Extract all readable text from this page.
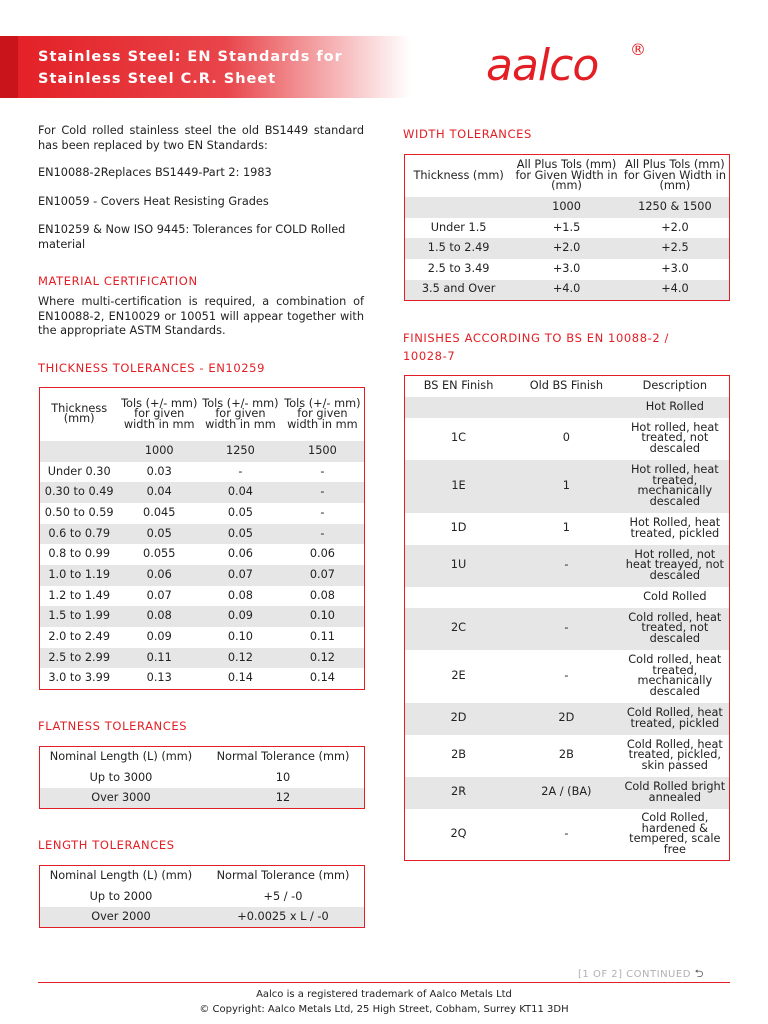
Stainless Steel: EN Standards for
Stainless Steel C.R. Sheet	aalco ®

For Cold rolled stainless steel the old BS1449 standard has been replaced by two EN Standards:

EN10088-2Replaces BS1449-Part 2: 1983

EN10059 - Covers Heat Resisting Grades

EN10259 & Now ISO 9445: Tolerances for COLD Rolled material

MATERIAL CERTIFICATION

Where multi-certification is required, a combination of EN10088-2, EN10029 or 10051 will appear together with the appropriate ASTM Standards.

THICKNESS TOLERANCES - EN10259
Thickness (mm)	Tols (+/- mm) for given width in mm	Tols (+/- mm) for given width in mm	Tols (+/- mm) for given width in mm
	1000	1250	1500
Under 0.30	0.03	-	-
0.30 to 0.49	0.04	0.04	-
0.50 to 0.59	0.045	0.05	-
0.6 to 0.79	0.05	0.05	-
0.8 to 0.99	0.055	0.06	0.06
1.0 to 1.19	0.06	0.07	0.07
1.2 to 1.49	0.07	0.08	0.08
1.5 to 1.99	0.08	0.09	0.10
2.0 to 2.49	0.09	0.10	0.11
2.5 to 2.99	0.11	0.12	0.12
3.0 to 3.99	0.13	0.14	0.14
FLATNESS TOLERANCES
Nominal Length (L) (mm)	Normal Tolerance (mm)
Up to 3000	10
Over 3000	12
LENGTH TOLERANCES
Nominal Length (L) (mm)	Normal Tolerance (mm)
Up to 2000	+5 / -0
Over 2000	+0.0025 x L / -0
WIDTH TOLERANCES
Thickness (mm)	All Plus Tols (mm) for Given Width in (mm)	All Plus Tols (mm) for Given Width in (mm)
	1000	1250 & 1500
Under 1.5	+1.5	+2.0
1.5 to 2.49	+2.0	+2.5
2.5 to 3.49	+3.0	+3.0
3.5 and Over	+4.0	+4.0
FINISHES ACCORDING TO BS EN 10088-2 /
10028-7
BS EN Finish	Old BS Finish	Description
		Hot Rolled
1C	0	Hot rolled, heat treated, not descaled
1E	1	Hot rolled, heat treated, mechanically descaled
1D	1	Hot Rolled, heat treated, pickled
1U	-	Hot rolled, not heat treayed, not descaled
		Cold Rolled
2C	-	Cold rolled, heat treated, not descaled
2E	-	Cold rolled, heat treated, mechanically descaled
2D	2D	Cold Rolled, heat treated, pickled
2B	2B	Cold Rolled, heat treated, pickled, skin passed
2R	2A / (BA)	Cold Rolled bright annealed
2Q	-	Cold Rolled, hardened & tempered, scale free
[1 OF 2] CONTINUED ⮌
Aalco is a registered trademark of Aalco Metals Ltd
© Copyright: Aalco Metals Ltd, 25 High Street, Cobham, Surrey KT11 3DH
